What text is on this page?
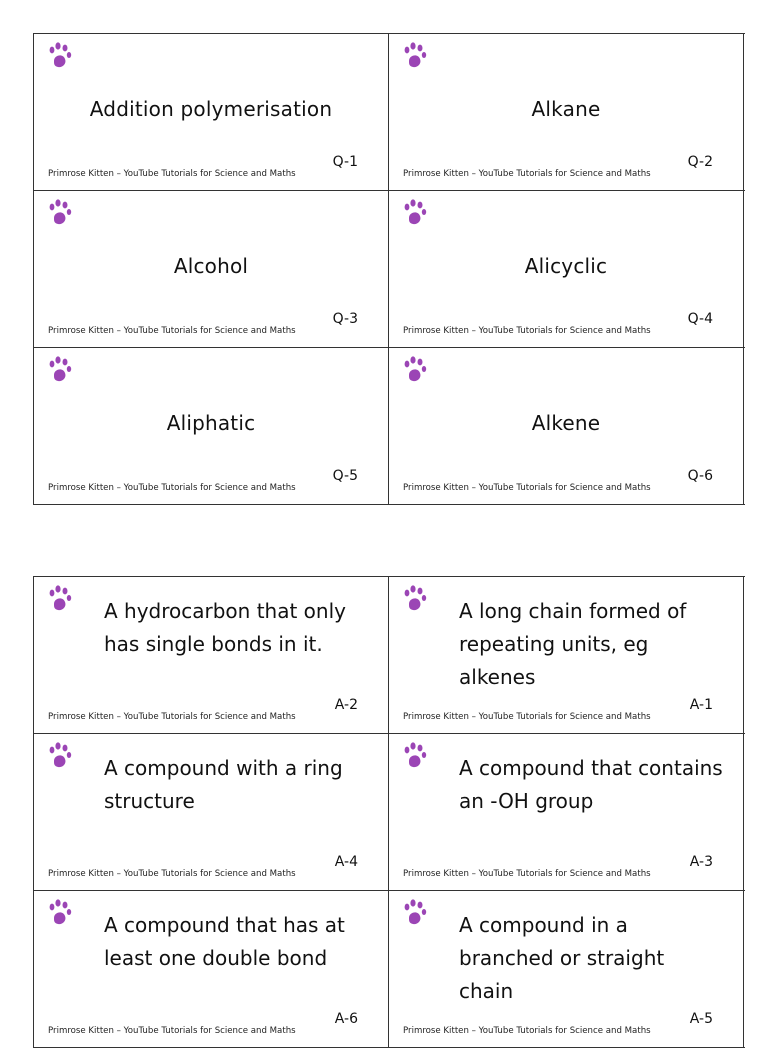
Addition polymerisation
Primrose Kitten – YouTube Tutorials for Science and Maths
Q-1
Alkane
Primrose Kitten – YouTube Tutorials for Science and Maths
Q-2
Alcohol
Primrose Kitten – YouTube Tutorials for Science and Maths
Q-3
Alicyclic
Primrose Kitten – YouTube Tutorials for Science and Maths
Q-4
Aliphatic
Primrose Kitten – YouTube Tutorials for Science and Maths
Q-5
Alkene
Primrose Kitten – YouTube Tutorials for Science and Maths
Q-6
A hydrocarbon that only has single bonds in it.
Primrose Kitten – YouTube Tutorials for Science and Maths
A-2
A long chain formed of repeating units, eg alkenes
Primrose Kitten – YouTube Tutorials for Science and Maths
A-1
A compound with a ring structure
Primrose Kitten – YouTube Tutorials for Science and Maths
A-4
A compound that contains an -OH group
Primrose Kitten – YouTube Tutorials for Science and Maths
A-3
A compound that has at least one double bond
Primrose Kitten – YouTube Tutorials for Science and Maths
A-6
A compound in a branched or straight chain
Primrose Kitten – YouTube Tutorials for Science and Maths
A-5
